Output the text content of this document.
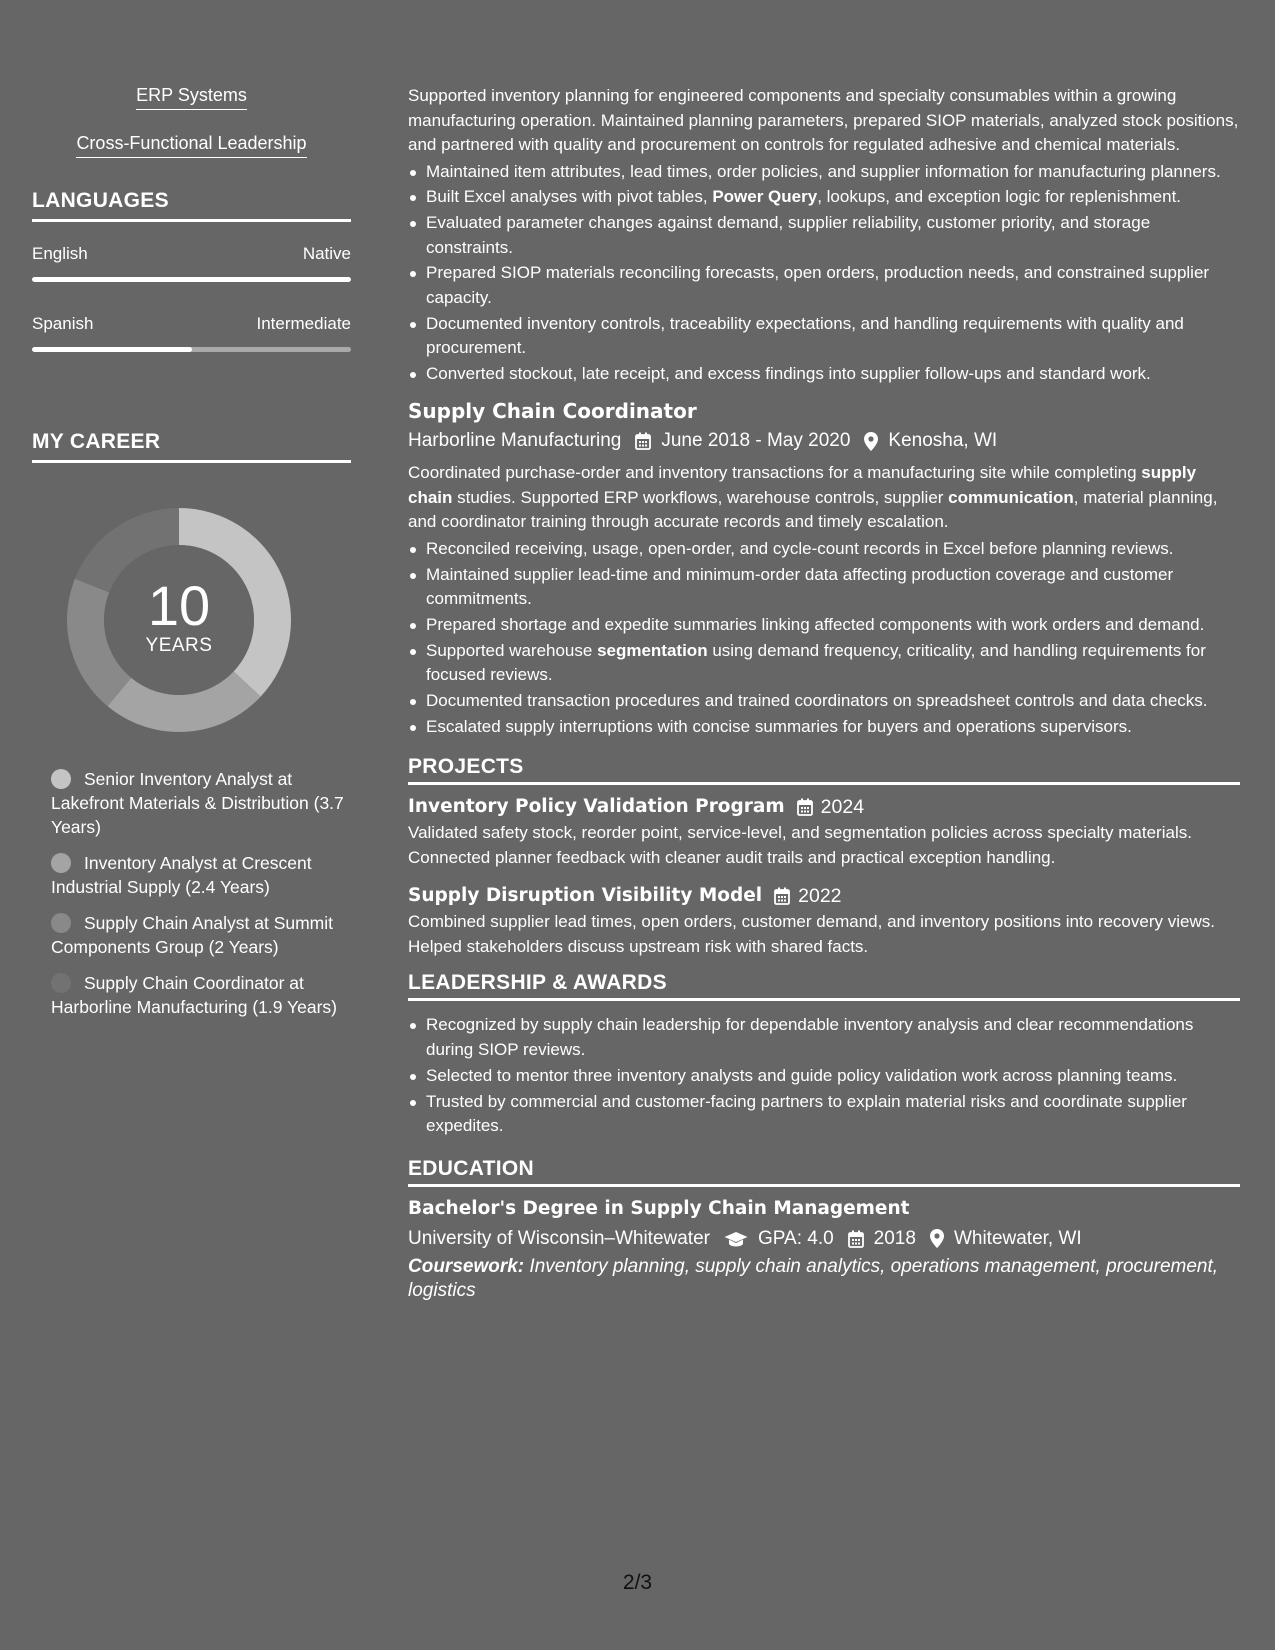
ERP Systems
Cross-Functional Leadership
LANGUAGES
English	Native
Spanish	Intermediate
MY CAREER
10
YEARS
Senior Inventory Analyst at Lakefront Materials & Distribution (3.7 Years)
Inventory Analyst at Crescent Industrial Supply (2.4 Years)
Supply Chain Analyst at Summit Components Group (2 Years)
Supply Chain Coordinator at Harborline Manufacturing (1.9 Years)

Supported inventory planning for engineered components and specialty consumables within a growing manufacturing operation. Maintained planning parameters, prepared SIOP materials, analyzed stock positions, and partnered with quality and procurement on controls for regulated adhesive and chemical materials.

Maintained item attributes, lead times, order policies, and supplier information for manufacturing planners.
Built Excel analyses with pivot tables, Power Query, lookups, and exception logic for replenishment.
Evaluated parameter changes against demand, supplier reliability, customer priority, and storage constraints.
Prepared SIOP materials reconciling forecasts, open orders, production needs, and constrained supplier capacity.
Documented inventory controls, traceability expectations, and handling requirements with quality and procurement.
Converted stockout, late receipt, and excess findings into supplier follow-ups and standard work.
Supply Chain Coordinator
Harborline Manufacturing June 2018 - May 2020 Kenosha, WI

Coordinated purchase-order and inventory transactions for a manufacturing site while completing supply chain studies. Supported ERP workflows, warehouse controls, supplier communication, material planning, and coordinator training through accurate records and timely escalation.

Reconciled receiving, usage, open-order, and cycle-count records in Excel before planning reviews.
Maintained supplier lead-time and minimum-order data affecting production coverage and customer commitments.
Prepared shortage and expedite summaries linking affected components with work orders and demand.
Supported warehouse segmentation using demand frequency, criticality, and handling requirements for focused reviews.
Documented transaction procedures and trained coordinators on spreadsheet controls and data checks.
Escalated supply interruptions with concise summaries for buyers and operations supervisors.
PROJECTS
Inventory Policy Validation Program 2024

Validated safety stock, reorder point, service-level, and segmentation policies across specialty materials. Connected planner feedback with cleaner audit trails and practical exception handling.

Supply Disruption Visibility Model 2022

Combined supplier lead times, open orders, customer demand, and inventory positions into recovery views. Helped stakeholders discuss upstream risk with shared facts.

LEADERSHIP & AWARDS
Recognized by supply chain leadership for dependable inventory analysis and clear recommendations during SIOP reviews.
Selected to mentor three inventory analysts and guide policy validation work across planning teams.
Trusted by commercial and customer-facing partners to explain material risks and coordinate supplier expedites.
EDUCATION
Bachelor's Degree in Supply Chain Management
University of Wisconsin–Whitewater	GPA: 4.0 2018 Whitewater, WI

Coursework: Inventory planning, supply chain analytics, operations management, procurement, logistics

2/3
